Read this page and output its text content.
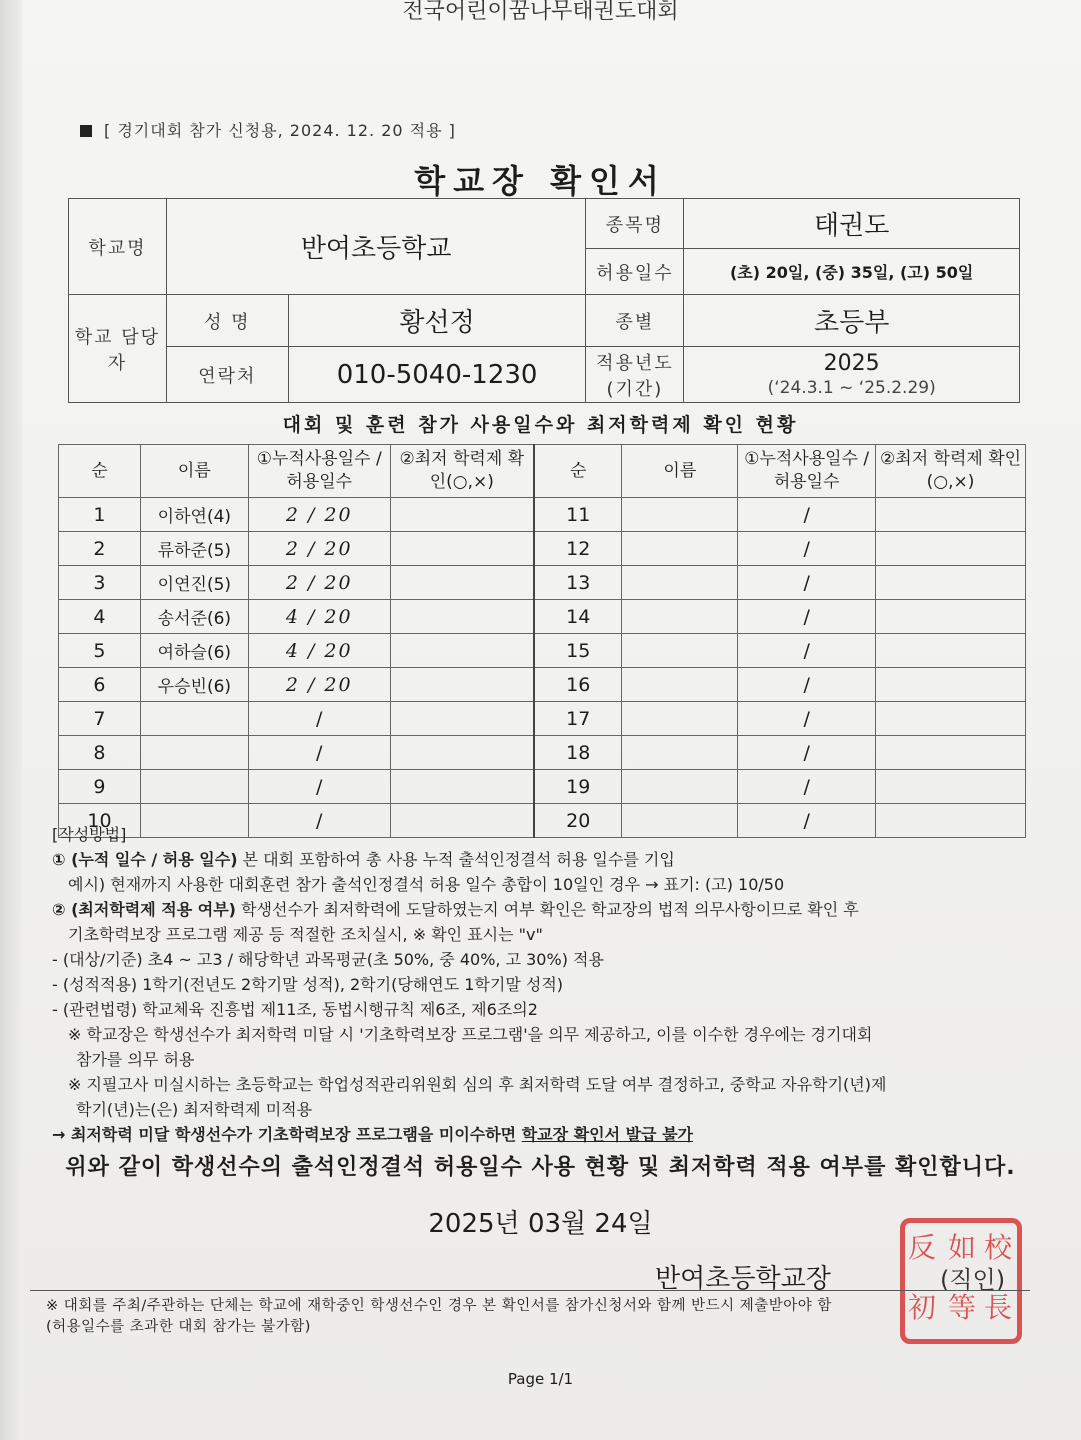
전국어린이꿈나무태권도대회
[ 경기대회 참가 신청용, 2024. 12. 20 적용 ]
학교장 확인서
학교명	반여초등학교		종목명	태권도
			허용일수	(초) 20일, (중) 35일, (고) 50일
학교 담당자	성 명	황선정	종별	초등부
	연락처	010-5040-1230	적용년도 (기간)	2025
(‘24.3.1 ~ ‘25.2.29)
대회 및 훈련 참가 사용일수와 최저학력제 확인 현황
순	이름	①누적사용일수 /허용일수	②최저 학력제 확인(○,×)	순	이름	①누적사용일수 /허용일수	②최저 학력제 확인(○,×)
1	이하연(4)	2 / 20		11		/	
2	류하준(5)	2 / 20		12		/	
3	이연진(5)	2 / 20		13		/	
4	송서준(6)	4 / 20		14		/	
5	여하슬(6)	4 / 20		15		/	
6	우승빈(6)	2 / 20		16		/	
7		/		17		/	
8		/		18		/	
9		/		19		/	
10		/		20		/	
[작성방법]
① (누적 일수 / 허용 일수) 본 대회 포함하여 총 사용 누적 출석인정결석 허용 일수를 기입
예시) 현재까지 사용한 대회훈련 참가 출석인정결석 허용 일수 총합이 10일인 경우 → 표기: (고) 10/50
② (최저학력제 적용 여부) 학생선수가 최저학력에 도달하였는지 여부 확인은 학교장의 법적 의무사항이므로 확인 후
기초학력보장 프로그램 제공 등 적절한 조치실시, ※ 확인 표시는 "v"
- (대상/기준) 초4 ~ 고3 / 해당학년 과목평균(초 50%, 중 40%, 고 30%) 적용
- (성적적용) 1학기(전년도 2학기말 성적), 2학기(당해연도 1학기말 성적)
- (관련법령) 학교체육 진흥법 제11조, 동법시행규칙 제6조, 제6조의2
※ 학교장은 학생선수가 최저학력 미달 시 '기초학력보장 프로그램'을 의무 제공하고, 이를 이수한 경우에는 경기대회
참가를 의무 허용
※ 지필고사 미실시하는 초등학교는 학업성적관리위원회 심의 후 최저학력 도달 여부 결정하고, 중학교 자유학기(년)제
학기(년)는(은) 최저학력제 미적용
→ 최저학력 미달 학생선수가 기초학력보장 프로그램을 미이수하면 학교장 확인서 발급 불가
위와 같이 학생선수의 출석인정결석 허용일수 사용 현황 및 최저학력 적용 여부를 확인합니다.
2025년 03월 24일
反 如 校
初 等 長
반여초등학교장	(직인)
※ 대회를 주최/주관하는 단체는 학교에 재학중인 학생선수인 경우 본 확인서를 참가신청서와 함께 반드시 제출받아야 함
(허용일수를 초과한 대회 참가는 불가함)
Page 1/1
